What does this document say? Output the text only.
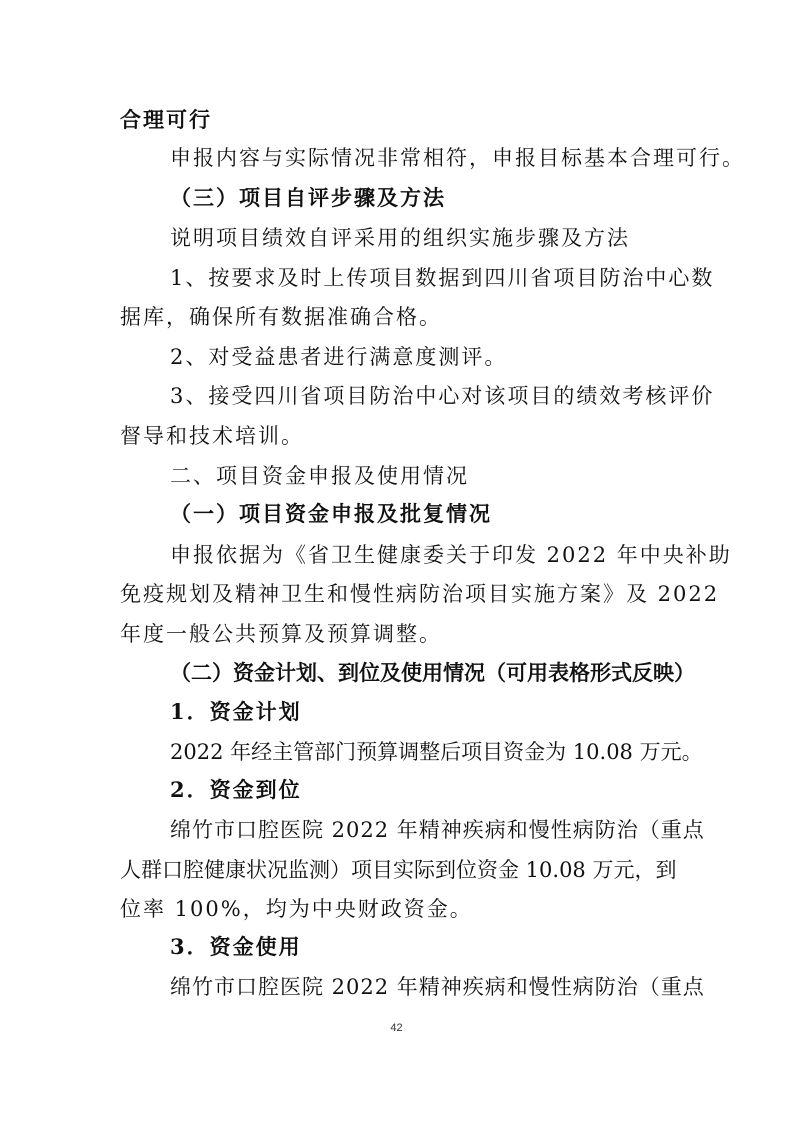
合理可行
申报内容与实际情况非常相符，申报目标基本合理可行。
（三）项目自评步骤及方法
说明项目绩效自评采用的组织实施步骤及方法
1、按要求及时上传项目数据到四川省项目防治中心数
据库，确保所有数据准确合格。
2、对受益患者进行满意度测评。
3、接受四川省项目防治中心对该项目的绩效考核评价
督导和技术培训。
二、项目资金申报及使用情况
（一）项目资金申报及批复情况
申报依据为《省卫生健康委关于印发 2022 年中央补助
免疫规划及精神卫生和慢性病防治项目实施方案》及 2022
年度一般公共预算及预算调整。
（二）资金计划、到位及使用情况（可用表格形式反映）
1．资金计划
2022 年经主管部门预算调整后项目资金为 10.08 万元。
2．资金到位
绵竹市口腔医院 2022 年精神疾病和慢性病防治（重点
人群口腔健康状况监测）项目实际到位资金 10.08 万元，到
位率 100%，均为中央财政资金。
3．资金使用
绵竹市口腔医院 2022 年精神疾病和慢性病防治（重点
42
